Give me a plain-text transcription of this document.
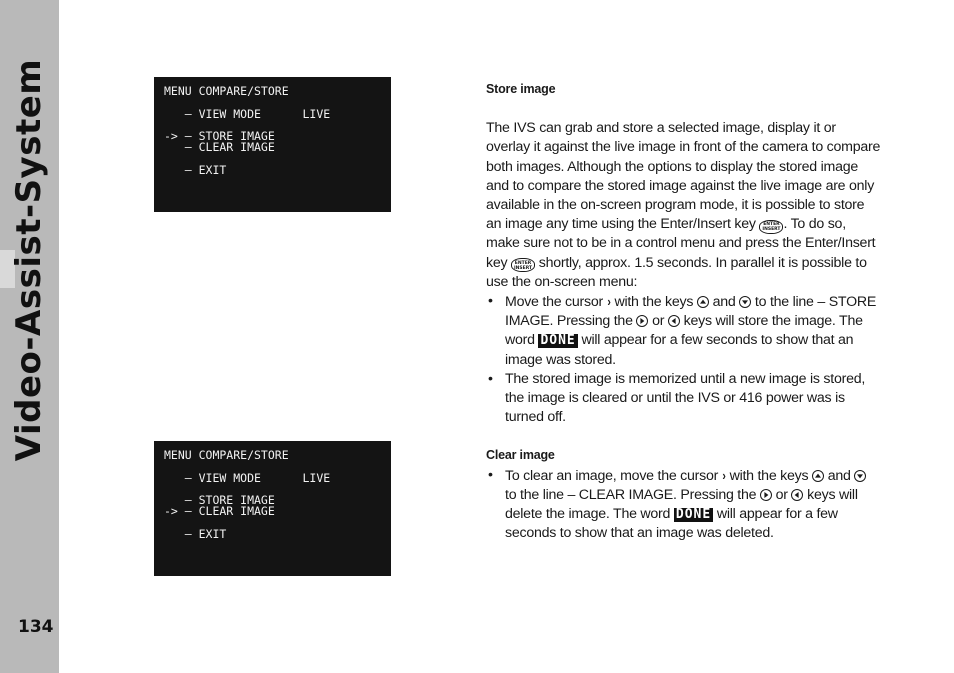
Video-Assist-System
134
MENU COMPARE/STORE
– VIEW MODE      LIVE
-> – STORE IMAGE
– CLEAR IMAGE
– EXIT
MENU COMPARE/STORE
– VIEW MODE      LIVE
– STORE IMAGE
-> – CLEAR IMAGE
– EXIT

Store image

The IVS can grab and store a selected image, display it or overlay it against the live image in front of the camera to compare both images. Although the options to display the stored image and to compare the stored image against the live image are only available in the on-screen program mode, it is possible to store an image any time using the Enter/Insert key ENTER
INSERT . To do so, make sure not to be in a control menu and press the Enter/Insert key ENTER
INSERT shortly, approx. 1.5 seconds. In parallel it is possible to use the on-screen menu:

• Move the cursor › with the keys  and  to the line – STORE IMAGE. Pressing the  or  keys will store the image. The word DONE will appear for a few seconds to show that an image was stored.
• The stored image is memorized until a new image is stored, the image is cleared or until the IVS or 416 power was is turned off.

Clear image

• To clear an image, move the cursor › with the keys  and  to the line – CLEAR IMAGE. Pressing the  or  keys will delete the image. The word DONE will appear for a few seconds to show that an image was deleted.
